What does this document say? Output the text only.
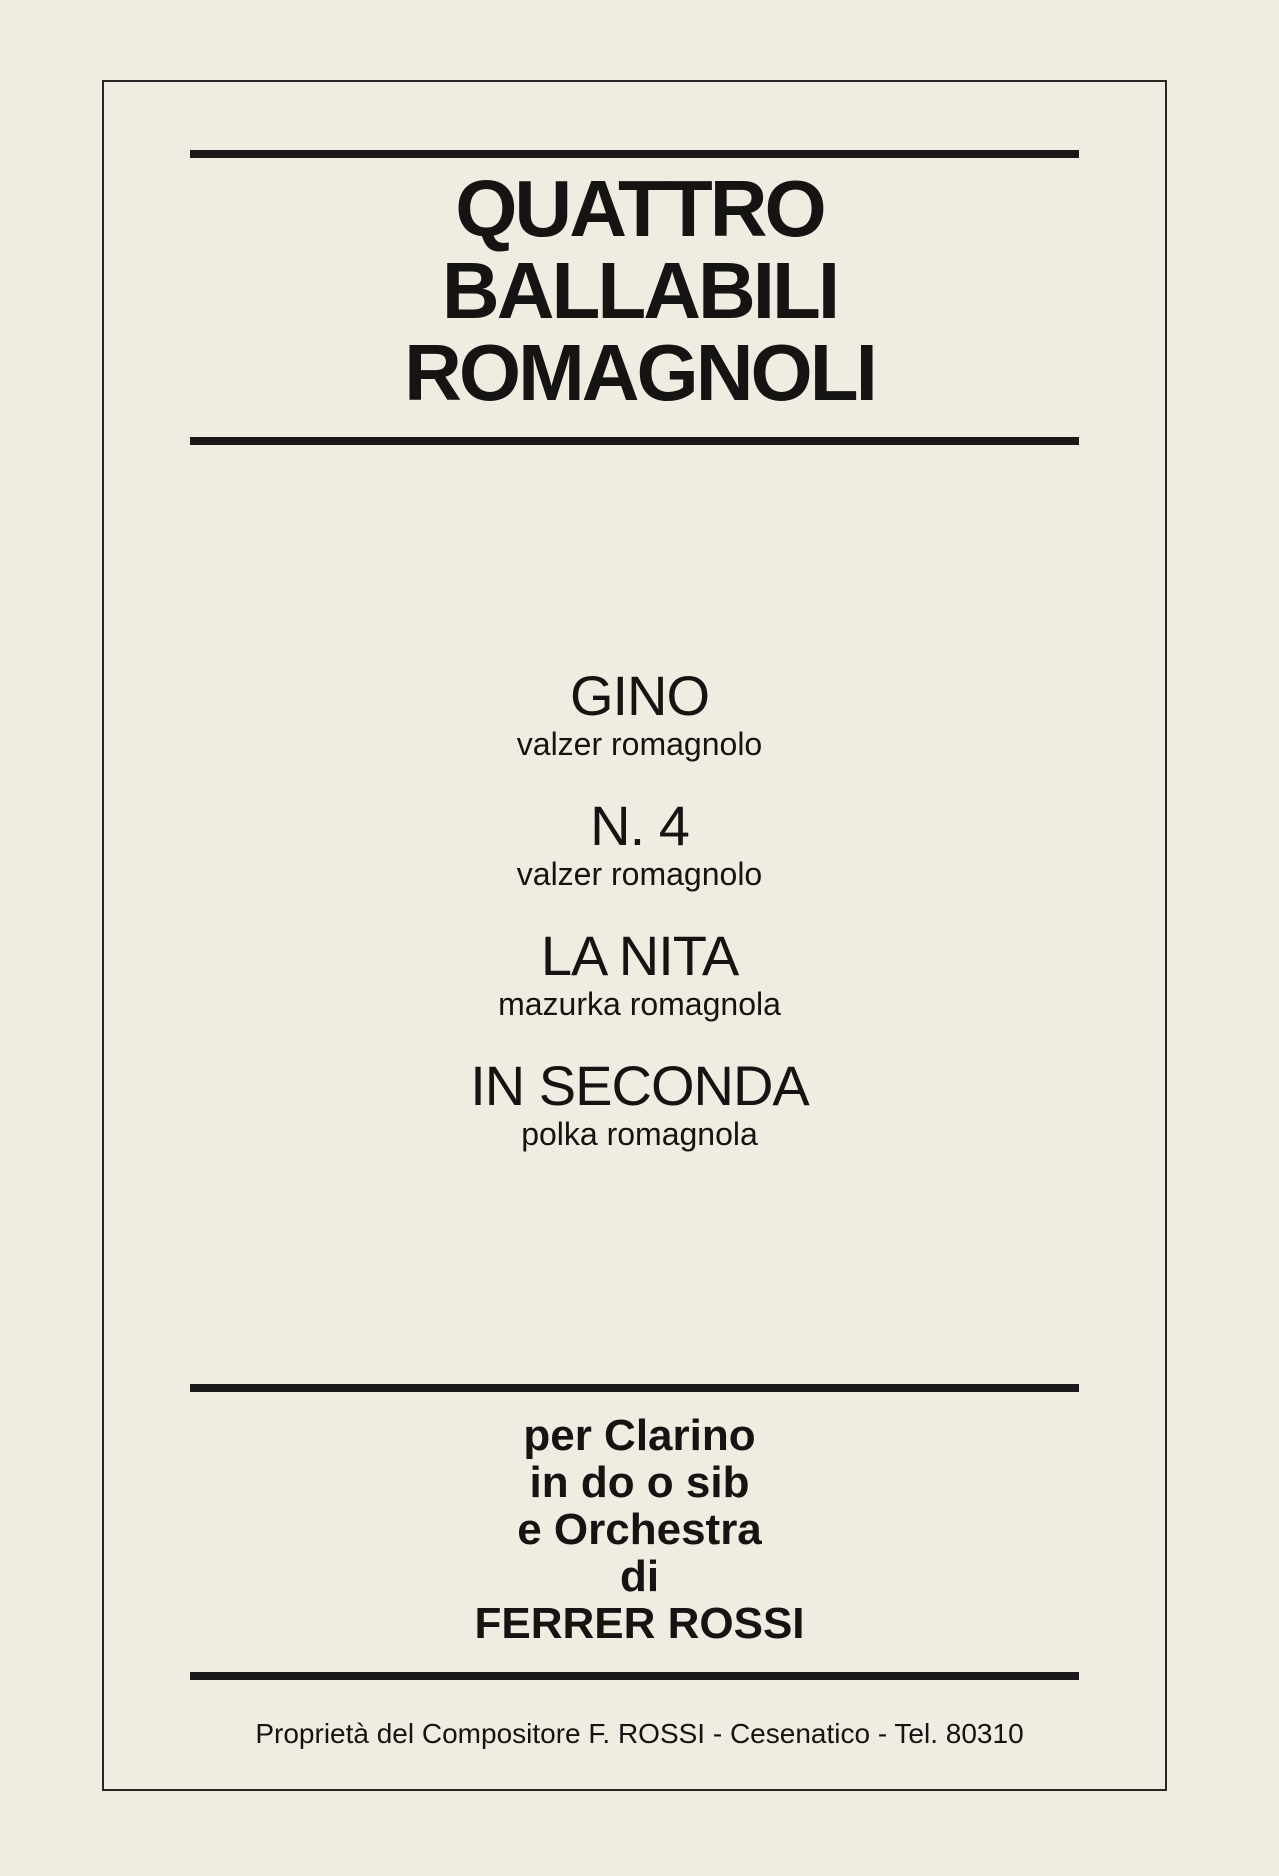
QUATTRO
BALLABILI
ROMAGNOLI
GINO
valzer romagnolo
N. 4
valzer romagnolo
LA NITA
mazurka romagnola
IN SECONDA
polka romagnola
per Clarino
in do o sib
e Orchestra
di
FERRER ROSSI
Proprietà del Compositore F. ROSSI - Cesenatico - Tel. 80310
